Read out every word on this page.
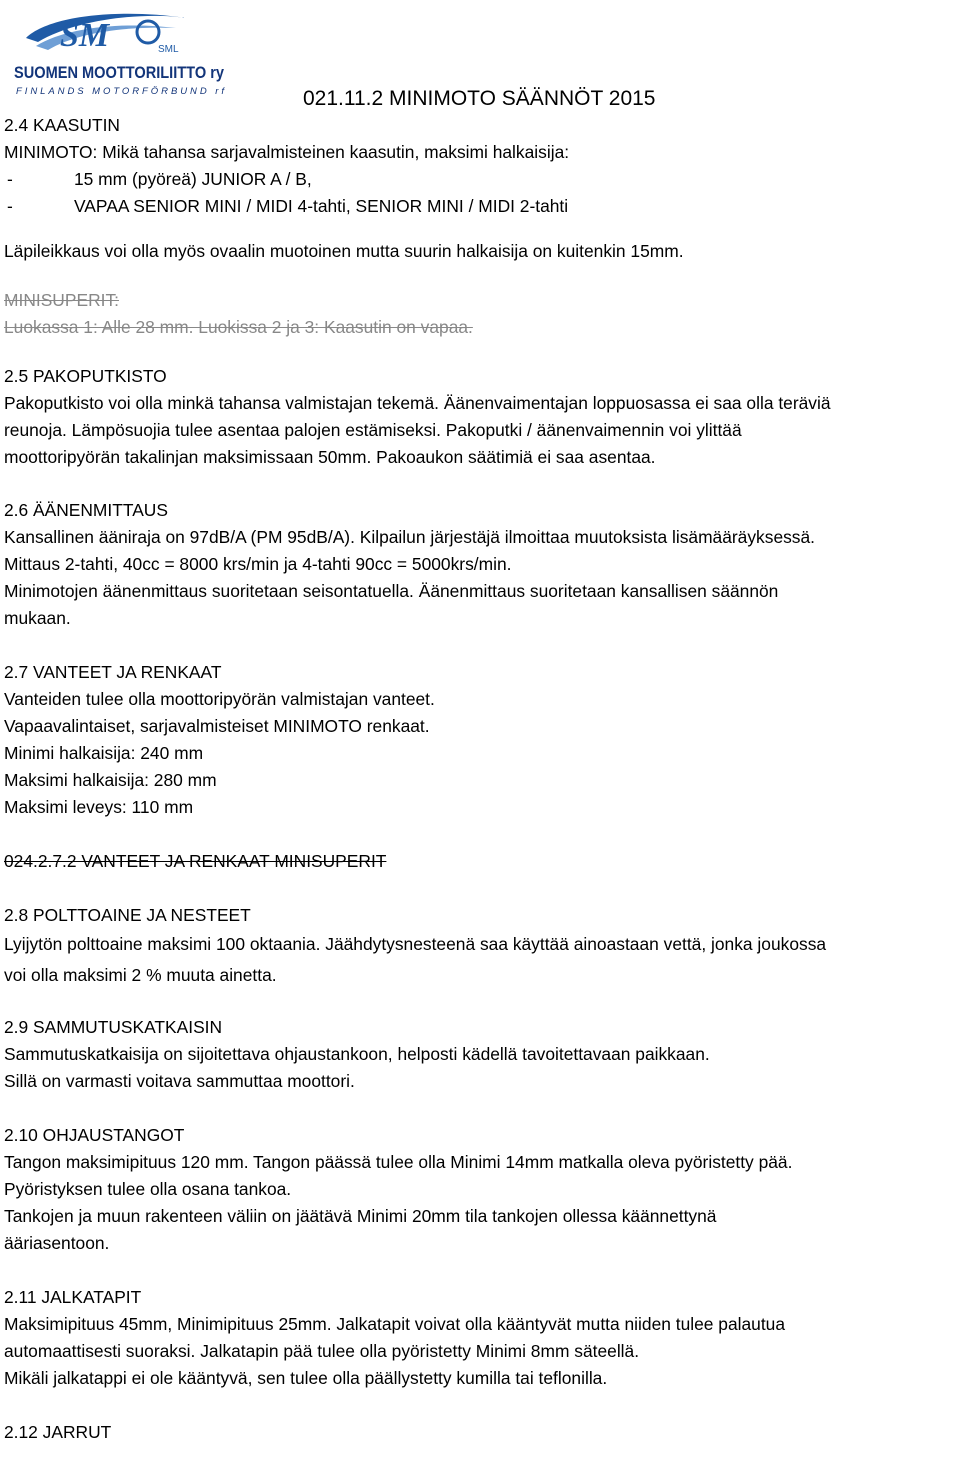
SM	SML
SUOMEN MOOTTORILIITTO ry
FINLANDS MOTORFÖRBUND rf	021.11.2 MINIMOTO SÄÄNNÖT 2015
2.4 KAASUTIN
MINIMOTO: Mikä tahansa sarjavalmisteinen kaasutin, maksimi halkaisija:
-	15 mm (pyöreä) JUNIOR A / B,
-	VAPAA SENIOR MINI / MIDI 4-tahti, SENIOR MINI / MIDI 2-tahti
Läpileikkaus voi olla myös ovaalin muotoinen mutta suurin halkaisija on kuitenkin 15mm.
MINISUPERIT:
Luokassa 1: Alle 28 mm. Luokissa 2 ja 3: Kaasutin on vapaa.
2.5 PAKOPUTKISTO
Pakoputkisto voi olla minkä tahansa valmistajan tekemä. Äänenvaimentajan loppuosassa ei saa olla teräviä
reunoja. Lämpösuojia tulee asentaa palojen estämiseksi. Pakoputki / äänenvaimennin voi ylittää
moottoripyörän takalinjan maksimissaan 50mm. Pakoaukon säätimiä ei saa asentaa.
2.6 ÄÄNENMITTAUS
Kansallinen ääniraja on 97dB/A (PM 95dB/A). Kilpailun järjestäjä ilmoittaa muutoksista lisämääräyksessä.
Mittaus 2-tahti, 40cc = 8000 krs/min ja 4-tahti 90cc = 5000krs/min.
Minimotojen äänenmittaus suoritetaan seisontatuella. Äänenmittaus suoritetaan kansallisen säännön
mukaan.
2.7 VANTEET JA RENKAAT
Vanteiden tulee olla moottoripyörän valmistajan vanteet.
Vapaavalintaiset, sarjavalmisteiset MINIMOTO renkaat.
Minimi halkaisija: 240 mm
Maksimi halkaisija: 280 mm
Maksimi leveys: 110 mm
024.2.7.2 VANTEET JA RENKAAT MINISUPERIT
2.8 POLTTOAINE JA NESTEET
Lyijytön polttoaine maksimi 100 oktaania. Jäähdytysnesteenä saa käyttää ainoastaan vettä, jonka joukossa
voi olla maksimi 2 % muuta ainetta.
2.9 SAMMUTUSKATKAISIN
Sammutuskatkaisija on sijoitettava ohjaustankoon, helposti kädellä tavoitettavaan paikkaan.
Sillä on varmasti voitava sammuttaa moottori.
2.10 OHJAUSTANGOT
Tangon maksimipituus 120 mm. Tangon päässä tulee olla Minimi 14mm matkalla oleva pyöristetty pää.
Pyöristyksen tulee olla osana tankoa.
Tankojen ja muun rakenteen väliin on jäätävä Minimi 20mm tila tankojen ollessa käännettynä
ääriasentoon.
2.11 JALKATAPIT
Maksimipituus 45mm, Minimipituus 25mm. Jalkatapit voivat olla kääntyvät mutta niiden tulee palautua
automaattisesti suoraksi. Jalkatapin pää tulee olla pyöristetty Minimi 8mm säteellä.
Mikäli jalkatappi ei ole kääntyvä, sen tulee olla päällystetty kumilla tai teflonilla.
2.12 JARRUT
